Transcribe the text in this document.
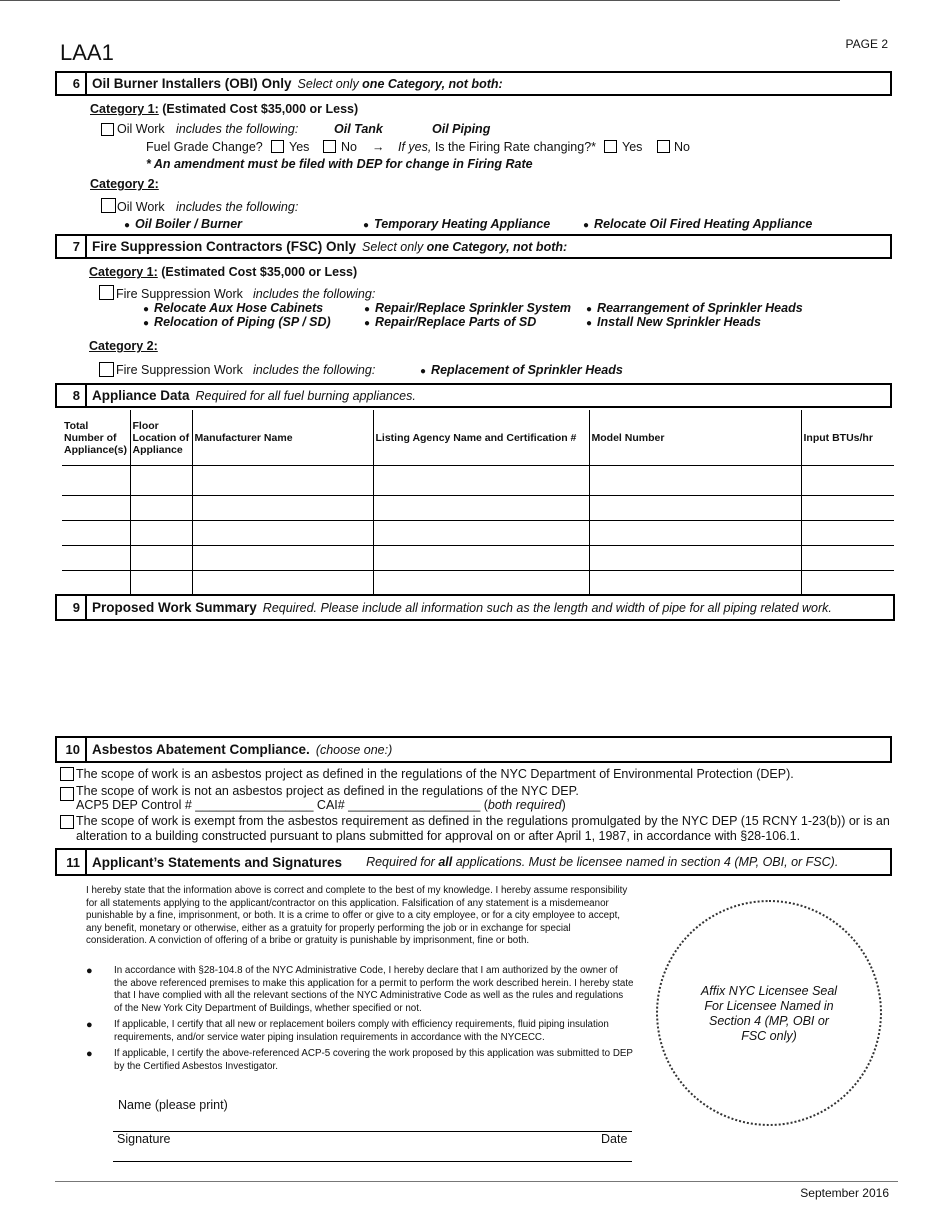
LAA1	PAGE 2
6 Oil Burner Installers (OBI) Only Select only one Category, not both:
Category 1: (Estimated Cost $35,000 or Less)
Oil Work includes the following:	Oil Tank	Oil Piping
Fuel Grade Change? Yes	No → If yes, Is the Firing Rate changing?* Yes	No
* An amendment must be filed with DEP for change in Firing Rate
Category 2:
Oil Work includes the following:
● Oil Boiler / Burner	● Temporary Heating Appliance	● Relocate Oil Fired Heating Appliance
7 Fire Suppression Contractors (FSC) Only Select only one Category, not both:
Category 1: (Estimated Cost $35,000 or Less)
Fire Suppression Work includes the following:
● Relocate Aux Hose Cabinets	● Repair/Replace Sprinkler System ● Rearrangement of Sprinkler Heads
● Relocation of Piping (SP / SD)	● Repair/Replace Parts of SD	● Install New Sprinkler Heads
Category 2:
Fire Suppression Work includes the following:	● Replacement of Sprinkler Heads
8 Appliance Data Required for all fuel burning appliances.
Total Number of Appliance(s)	Floor Location of Appliance	Manufacturer Name	Listing Agency Name and Certification #	Model Number	Input BTUs/hr

9 Proposed Work Summary Required. Please include all information such as the length and width of pipe for all piping related work.
10 Asbestos Abatement Compliance. (choose one:)
The scope of work is an asbestos project as defined in the regulations of the NYC Department of Environmental Protection (DEP).
The scope of work is not an asbestos project as defined in the regulations of the NYC DEP.
ACP5 DEP Control # _________________ CAI# ___________________ (both required)
The scope of work is exempt from the asbestos requirement as defined in the regulations promulgated by the NYC DEP (15 RCNY 1-23(b)) or is an
alteration to a building constructed pursuant to plans submitted for approval on or after April 1, 1987, in accordance with §28-106.1.
11 Applicant’s Statements and Signatures Required for all applications. Must be licensee named in section 4 (MP, OBI, or FSC).

I hereby state that the information above is correct and complete to the best of my knowledge. I hereby assume responsibility for all statements applying to the applicant/contractor on this application. Falsification of any statement is a misdemeanor punishable by a fine, imprisonment, or both. It is a crime to offer or give to a city employee, or for a city employee to accept, any benefit, monetary or otherwise, either as a gratuity for properly performing the job or in exchange for special consideration. A conviction of offering of a bribe or gratuity is punishable by imprisonment, fine or both.

● In accordance with §28-104.8 of the NYC Administrative Code, I hereby declare that I am authorized by the owner of the above referenced premises to make this application for a permit to perform the work described herein. I hereby state that I have complied with all the relevant sections of the NYC Administrative Code as well as the rules and regulations of the New York City Department of Buildings, whether specified or not.
● If applicable, I certify that all new or replacement boilers comply with efficiency requirements, fluid piping insulation requirements, and/or service water piping insulation requirements in accordance with the NYCECC.
● If applicable, I certify the above-referenced ACP-5 covering the work proposed by this application was submitted to DEP by the Certified Asbestos Investigator.
Name (please print)
Signature	Date
Affix NYC Licensee Seal For Licensee Named in Section 4 (MP, OBI or FSC only)
September 2016
